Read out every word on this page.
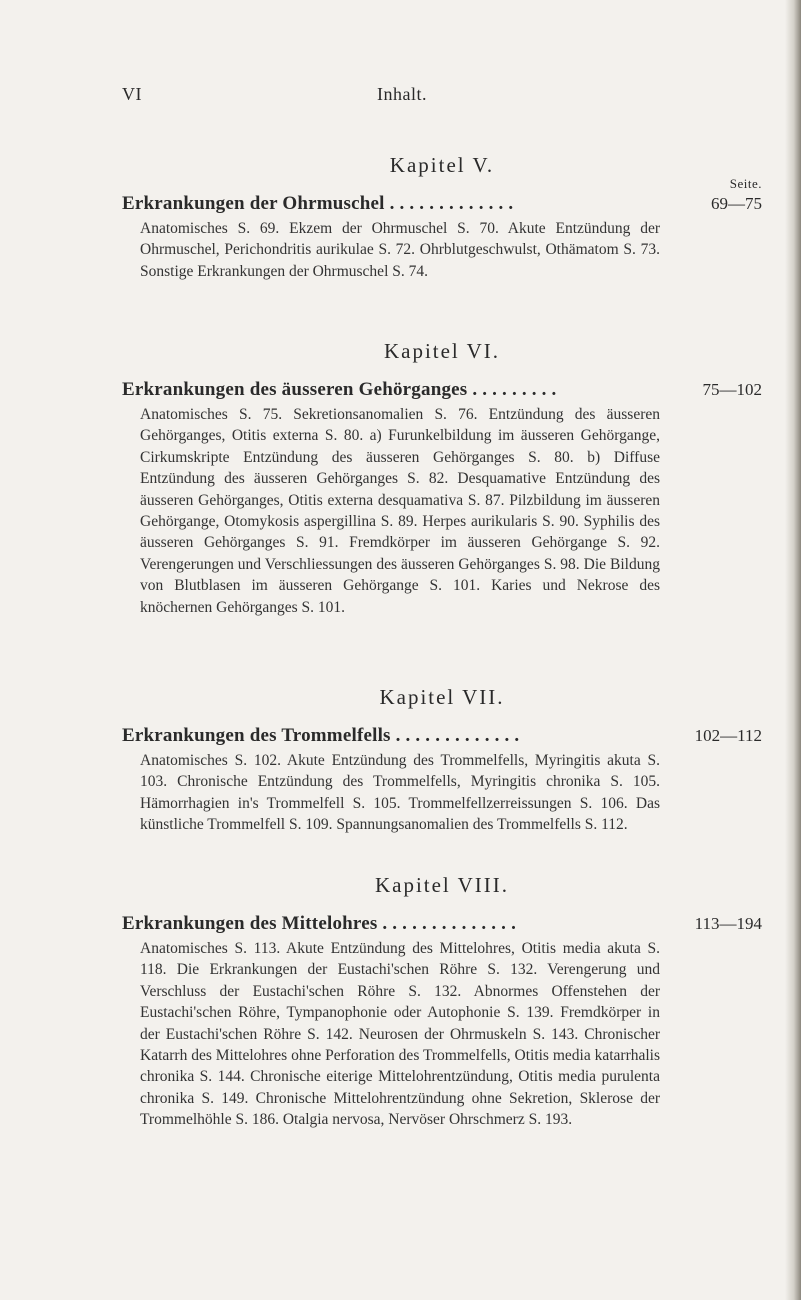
VI	Inhalt.
Kapitel V.
Seite.
Erkrankungen der Ohrmuschel . . . . . . . . . . . . .	69—75
Anatomisches S. 69. Ekzem der Ohrmuschel S. 70. Akute Entzündung der Ohrmuschel, Perichondritis aurikulae S. 72. Ohrblutgeschwulst, Othämatom S. 73. Sonstige Erkrankungen der Ohrmuschel S. 74.
Kapitel VI.
Erkrankungen des äusseren Gehörganges . . . . . . . . .	75—102
Anatomisches S. 75. Sekretionsanomalien S. 76. Entzündung des äusseren Gehörganges, Otitis externa S. 80. a) Furunkelbildung im äusseren Gehörgange, Cirkumskripte Entzündung des äusseren Gehörganges S. 80. b) Diffuse Entzündung des äusseren Gehörganges S. 82. Desquamative Entzündung des äusseren Gehörganges, Otitis externa desquamativa S. 87. Pilzbildung im äusseren Gehörgange, Otomykosis aspergillina S. 89. Herpes aurikularis S. 90. Syphilis des äusseren Gehörganges S. 91. Fremdkörper im äusseren Gehörgange S. 92. Verengerungen und Verschliessungen des äusseren Gehörganges S. 98. Die Bildung von Blutblasen im äusseren Gehörgange S. 101. Karies und Nekrose des knöchernen Gehörganges S. 101.
Kapitel VII.
Erkrankungen des Trommelfells . . . . . . . . . . . . .	102—112
Anatomisches S. 102. Akute Entzündung des Trommelfells, Myringitis akuta S. 103. Chronische Entzündung des Trommelfells, Myringitis chronika S. 105. Hämorrhagien in's Trommelfell S. 105. Trommelfellzerreissungen S. 106. Das künstliche Trommelfell S. 109. Spannungsanomalien des Trommelfells S. 112.
Kapitel VIII.
Erkrankungen des Mittelohres . . . . . . . . . . . . . .	113—194
Anatomisches S. 113. Akute Entzündung des Mittelohres, Otitis media akuta S. 118. Die Erkrankungen der Eustachi'schen Röhre S. 132. Verengerung und Verschluss der Eustachi'schen Röhre S. 132. Abnormes Offenstehen der Eustachi'schen Röhre, Tympanophonie oder Autophonie S. 139. Fremdkörper in der Eustachi'schen Röhre S. 142. Neurosen der Ohrmuskeln S. 143. Chronischer Katarrh des Mittelohres ohne Perforation des Trommelfells, Otitis media katarrhalis chronika S. 144. Chronische eiterige Mittelohrentzündung, Otitis media purulenta chronika S. 149. Chronische Mittelohrentzündung ohne Sekretion, Sklerose der Trommelhöhle S. 186. Otalgia nervosa, Nervöser Ohrschmerz S. 193.
